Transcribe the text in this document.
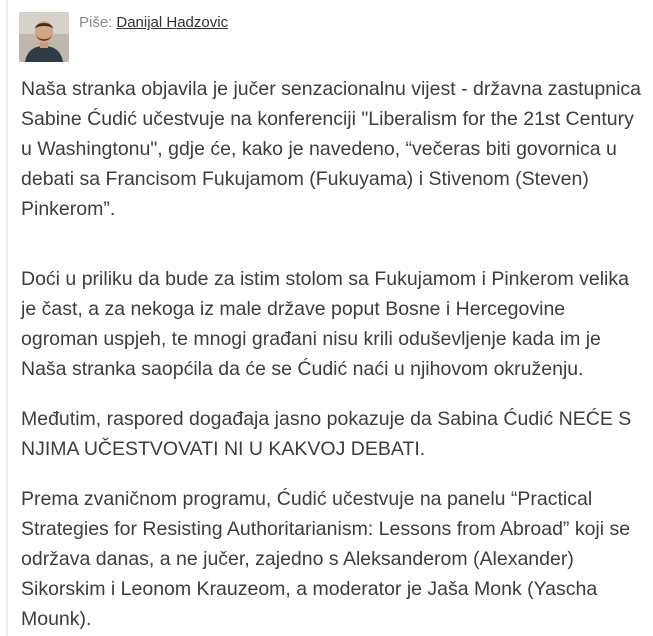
Piše: Danijal Hadzovic

Naša stranka objavila je jučer senzacionalnu vijest - državna zastupnica Sabine Ćudić učestvuje na konferenciji "Liberalism for the 21st Century u Washingtonu", gdje će, kako je navedeno, “večeras biti govornica u debati sa Francisom Fukujamom (Fukuyama) i Stivenom (Steven) Pinkerom”.

Doći u priliku da bude za istim stolom sa Fukujamom i Pinkerom velika je čast, a za nekoga iz male države poput Bosne i Hercegovine ogroman uspjeh, te mnogi građani nisu krili oduševljenje kada im je Naša stranka saopćila da će se Ćudić naći u njihovom okruženju.

Međutim, raspored događaja jasno pokazuje da Sabina Ćudić NEĆE S NJIMA UČESTVOVATI NI U KAKVOJ DEBATI.

Prema zvaničnom programu, Ćudić učestvuje na panelu “Practical Strategies for Resisting Authoritarianism: Lessons from Abroad” koji se održava danas, a ne jučer, zajedno s Aleksanderom (Alexander) Sikorskim i Leonom Krauzeom, a moderator je Jaša Monk (Yascha Mounk).
